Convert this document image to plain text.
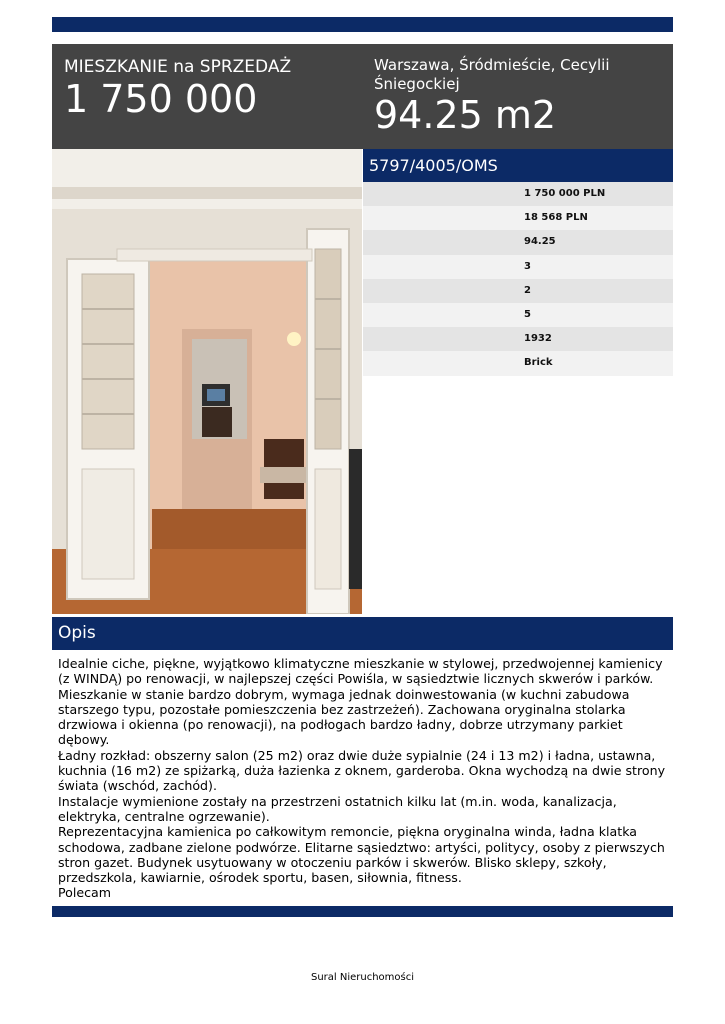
MIESZKANIE na SPRZEDAŻ
1 750 000
Warszawa, Śródmieście, Cecylii Śniegockiej
94.25 m2
5797/4005/OMS
1 750 000 PLN
18 568 PLN
94.25
3
2
5
1932
Brick
Opis
Idealnie ciche, piękne, wyjątkowo klimatyczne mieszkanie w stylowej, przedwojennej kamienicy (z WINDĄ) po renowacji, w najlepszej części Powiśla, w sąsiedztwie licznych skwerów i parków.
Mieszkanie w stanie bardzo dobrym, wymaga jednak doinwestowania (w kuchni zabudowa starszego typu, pozostałe pomieszczenia bez zastrzeżeń). Zachowana oryginalna stolarka drzwiowa i okienna (po renowacji), na podłogach bardzo ładny, dobrze utrzymany parkiet dębowy.
Ładny rozkład: obszerny salon (25 m2) oraz dwie duże sypialnie (24 i 13 m2) i ładna, ustawna, kuchnia (16 m2) ze spiżarką, duża łazienka z oknem, garderoba. Okna wychodzą na dwie strony świata (wschód, zachód).
Instalacje wymienione zostały na przestrzeni ostatnich kilku lat (m.in. woda, kanalizacja, elektryka, centralne ogrzewanie).
Reprezentacyjna kamienica po całkowitym remoncie, piękna oryginalna winda, ładna klatka schodowa, zadbane zielone podwórze. Elitarne sąsiedztwo: artyści, politycy, osoby z pierwszych stron gazet. Budynek usytuowany w otoczeniu parków i skwerów. Blisko sklepy, szkoły, przedszkola, kawiarnie, ośrodek sportu, basen, siłownia, fitness.
Polecam
Sural Nieruchomości
